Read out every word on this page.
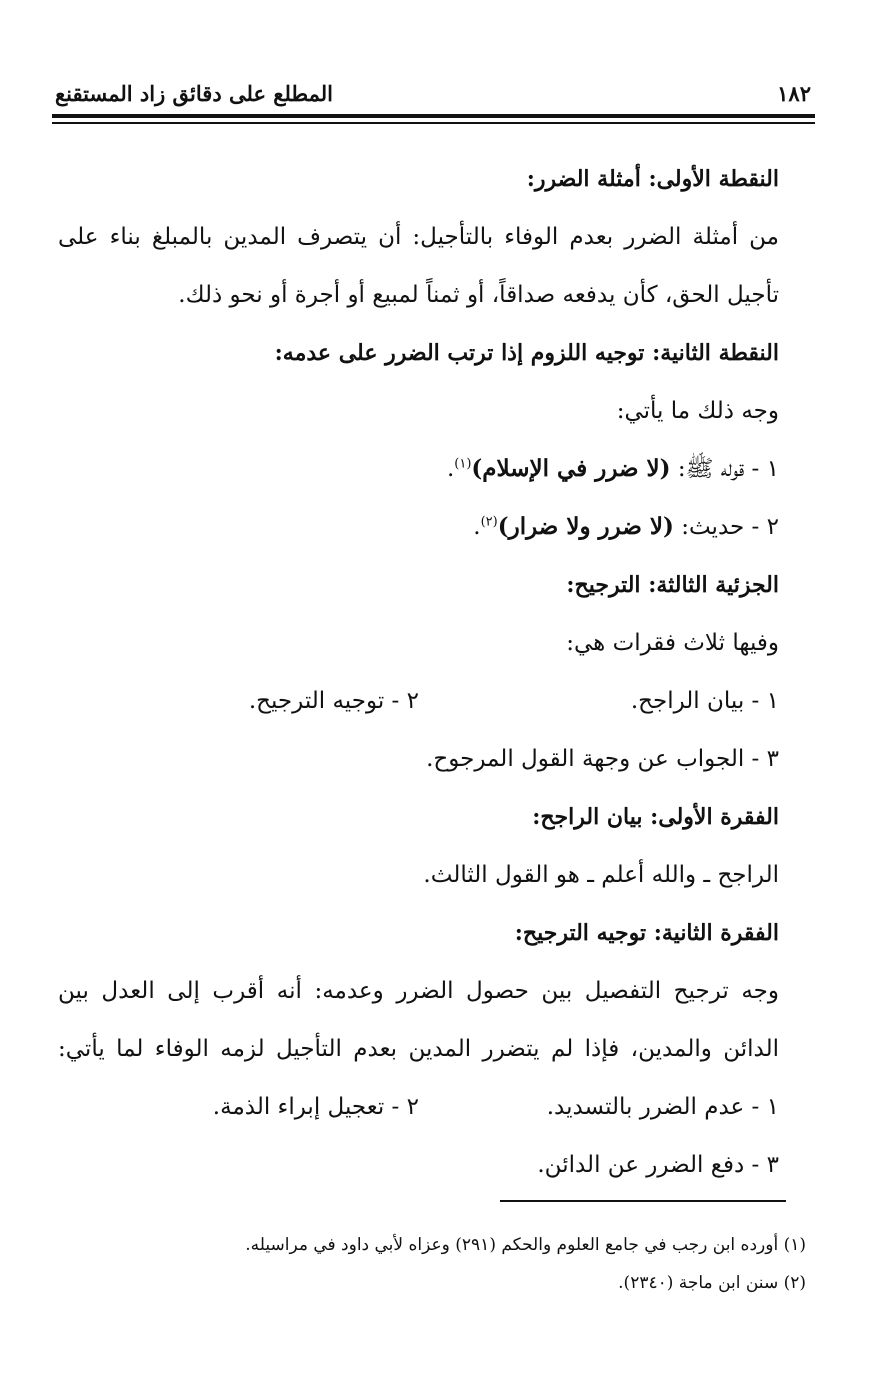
١٨٢
المطلع على دقائق زاد المستقنع
النقطة الأولى: أمثلة الضرر:
من أمثلة الضرر بعدم الوفاء بالتأجيل: أن يتصرف المدين بالمبلغ بناء على
تأجيل الحق، كأن يدفعه صداقاً، أو ثمناً لمبيع أو أجرة أو نحو ذلك.
النقطة الثانية: توجيه اللزوم إذا ترتب الضرر على عدمه:
وجه ذلك ما يأتي:
١ - قوله ﷺ: (لا ضرر في الإسلام)$^{(١)}$.
٢ - حديث: (لا ضرر ولا ضرار)$^{(٢)}$.
الجزئية الثالثة: الترجيح:
وفيها ثلاث فقرات هي:
١ - بيان الراجح.
٢ - توجيه الترجيح.
٣ - الجواب عن وجهة القول المرجوح.
الفقرة الأولى: بيان الراجح:
الراجح ـ والله أعلم ـ هو القول الثالث.
الفقرة الثانية: توجيه الترجيح:
وجه ترجيح التفصيل بين حصول الضرر وعدمه: أنه أقرب إلى العدل بين
الدائن والمدين، فإذا لم يتضرر المدين بعدم التأجيل لزمه الوفاء لما يأتي:
١ - عدم الضرر بالتسديد.
٢ - تعجيل إبراء الذمة.
٣ - دفع الضرر عن الدائن.
(١) أورده ابن رجب في جامع العلوم والحكم (٢٩١) وعزاه لأبي داود في مراسيله.
(٢) سنن ابن ماجة (٢٣٤٠).
